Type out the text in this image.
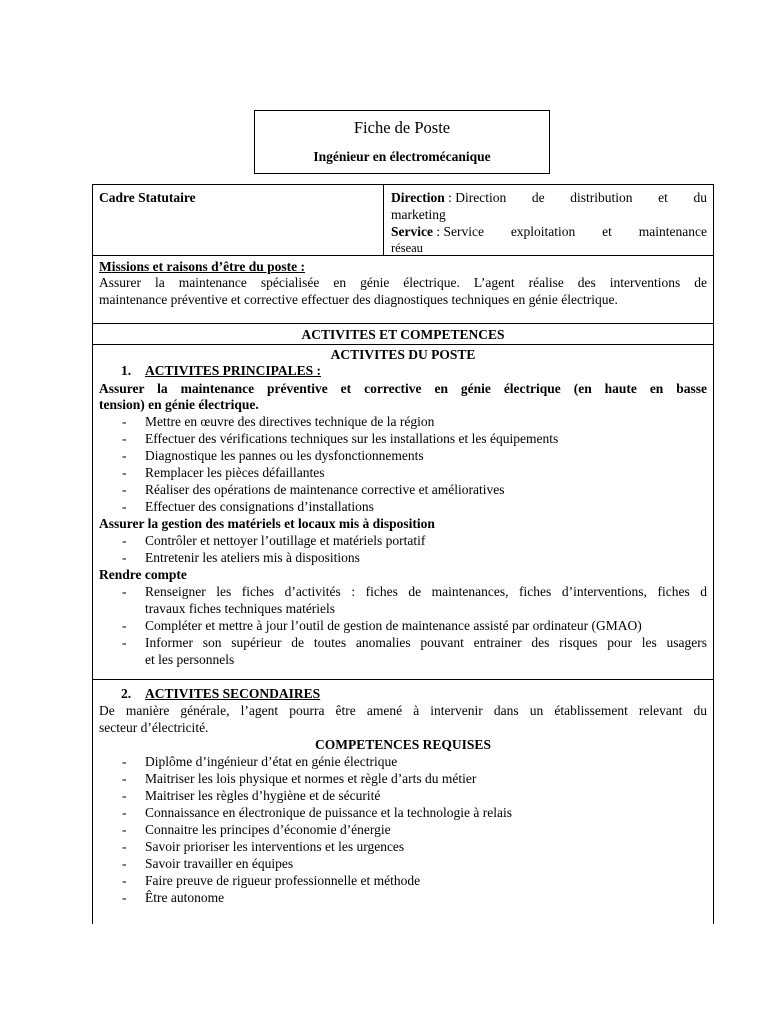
Fiche de Poste
Ingénieur en électromécanique
Cadre Statutaire	Direction : Direction de distribution et du
marketing
Service : Service exploitation et maintenance
réseau
Missions et raisons d’être du poste :
Assurer la maintenance spécialisée en génie électrique. L’agent réalise des interventions de
maintenance préventive et corrective effectuer des diagnostiques techniques en génie électrique.
ACTIVITES ET COMPETENCES
ACTIVITES DU POSTE
1. ACTIVITES PRINCIPALES :
Assurer la maintenance préventive et corrective en génie électrique (en haute en basse
tension) en génie électrique.
- Mettre en œuvre des directives technique de la région
- Effectuer des vérifications techniques sur les installations et les équipements
- Diagnostique les pannes ou les dysfonctionnements
- Remplacer les pièces défaillantes
- Réaliser des opérations de maintenance corrective et amélioratives
- Effectuer des consignations d’installations
Assurer la gestion des matériels et locaux mis à disposition
- Contrôler et nettoyer l’outillage et matériels portatif
- Entretenir les ateliers mis à dispositions
Rendre compte
- Renseigner les fiches d’activités : fiches de maintenances, fiches d’interventions, fiches d
travaux fiches techniques matériels
- Compléter et mettre à jour l’outil de gestion de maintenance assisté par ordinateur (GMAO)
- Informer son supérieur de toutes anomalies pouvant entrainer des risques pour les usagers
et les personnels
2. ACTIVITES SECONDAIRES
De manière générale, l’agent pourra être amené à intervenir dans un établissement relevant du
secteur d’électricité.
COMPETENCES REQUISES
- Diplôme d’ingénieur d’état en génie électrique
- Maitriser les lois physique et normes et règle d’arts du métier
- Maitriser les règles d’hygiène et de sécurité
- Connaissance en électronique de puissance et la technologie à relais
- Connaitre les principes d’économie d’énergie
- Savoir prioriser les interventions et les urgences
- Savoir travailler en équipes
- Faire preuve de rigueur professionnelle et méthode
- Être autonome
